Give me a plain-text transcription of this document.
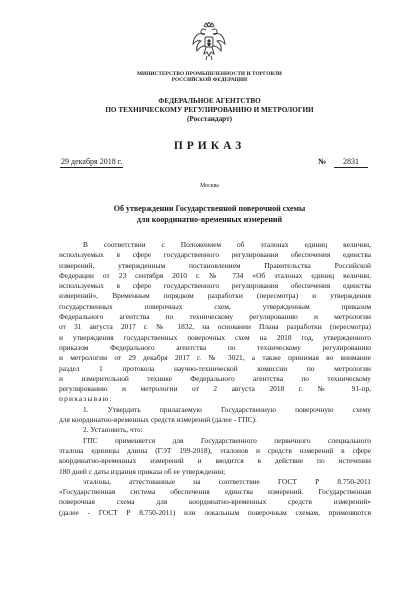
МИНИСТЕРСТВО ПРОМЫШЛЕННОСТИ И ТОРГОВЛИ
РОССИЙСКОЙ ФЕДЕРАЦИИ
ФЕДЕРАЛЬНОЕ АГЕНТСТВО
ПО ТЕХНИЧЕСКОМУ РЕГУЛИРОВАНИЮ И МЕТРОЛОГИИ
(Росстандарт)
ПРИКАЗ
29 декабря 2018 г.	№	2831
Москва
Об утверждении Государственной поверочной схемы
для координатно-временных измерений

В соответствии с Положением об эталонах единиц величин,

используемых в сфере государственного регулирования обеспечения единства

измерений, утвержденным постановлением Правительства Российской

Федерации от 23 сентября 2010 г. № 734 «Об эталонах единиц величин,

используемых в сфере государственного регулирования обеспечения единства

измерений», Временным порядком разработки (пересмотра) и утверждения

государственных поверочных схем, утвержденным приказом

Федерального агентства по техническому регулированию и метрологии

от 31 августа 2017 г. № 1832, на основании Плана разработки (пересмотра)

и утверждения государственных поверочных схем на 2018 год, утвержденного

приказом Федерального агентства по техническому регулированию

и метрологии от 29 декабря 2017 г. № 3021, а также принимая во внимание

раздел 1 протокола научно-технической комиссии по метрологии

и измерительной технике Федерального агентства по техническому

регулированию и метрологии от 2 августа 2018 г. № 91-пр,

приказываю:

1. Утвердить прилагаемую Государственную поверочную схему

для координатно-временных средств измерений (далее - ГПС).

2. Установить, что:

ГПС применяется для Государственного первичного специального

эталона единицы длины (ГЭТ 199-2018), эталонов и средств измерений в сфере

координатно-временных измерений и вводится в действие по истечении

180 дней с даты издания приказа об ее утверждении;

эталоны, аттестованные на соответствие ГОСТ Р 8.750-2011

«Государственная система обеспечения единства измерений. Государственная

поверочная схема для координатно-временных средств измерений»

(далее - ГОСТ Р 8.750-2011) или локальным поверочным схемам, применяются
